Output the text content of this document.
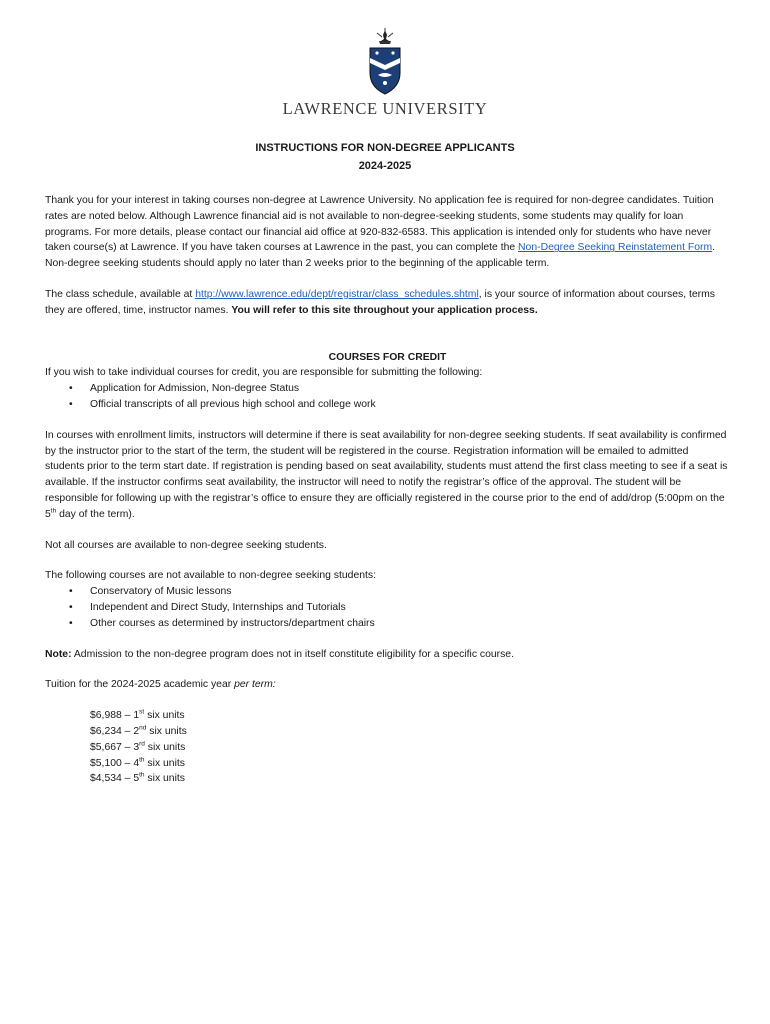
LAWRENCE UNIVERSITY
INSTRUCTIONS FOR NON-DEGREE APPLICANTS
2024-2025

Thank you for your interest in taking courses non-degree at Lawrence University. No application fee is required for non-degree candidates. Tuition rates are noted below. Although Lawrence financial aid is not available to non-degree-seeking students, some students may qualify for loan programs. For more details, please contact our financial aid office at 920-832-6583. This application is intended only for students who have never taken course(s) at Lawrence. If you have taken courses at Lawrence in the past, you can complete the Non-Degree Seeking Reinstatement Form. Non-degree seeking students should apply no later than 2 weeks prior to the beginning of the applicable term.

The class schedule, available at http://www.lawrence.edu/dept/registrar/class_schedules.shtml, is your source of information about courses, terms they are offered, time, instructor names. You will refer to this site throughout your application process.

COURSES FOR CREDIT

If you wish to take individual courses for credit, you are responsible for submitting the following:

• Application for Admission, Non-degree Status
• Official transcripts of all previous high school and college work

In courses with enrollment limits, instructors will determine if there is seat availability for non-degree seeking students. If seat availability is confirmed by the instructor prior to the start of the term, the student will be registered in the course. Registration information will be emailed to admitted students prior to the term start date. If registration is pending based on seat availability, students must attend the first class meeting to see if a seat is available. If the instructor confirms seat availability, the instructor will need to notify the registrar’s office of the approval. The student will be responsible for following up with the registrar’s office to ensure they are officially registered in the course prior to the end of add/drop (5:00pm on the 5th day of the term).

Not all courses are available to non-degree seeking students.

The following courses are not available to non-degree seeking students:

• Conservatory of Music lessons
• Independent and Direct Study, Internships and Tutorials
• Other courses as determined by instructors/department chairs

Note: Admission to the non-degree program does not in itself constitute eligibility for a specific course.

Tuition for the 2024-2025 academic year per term:

$6,988 – 1st six units
$6,234 – 2nd six units
$5,667 – 3rd six units
$5,100 – 4th six units
$4,534 – 5th six units
